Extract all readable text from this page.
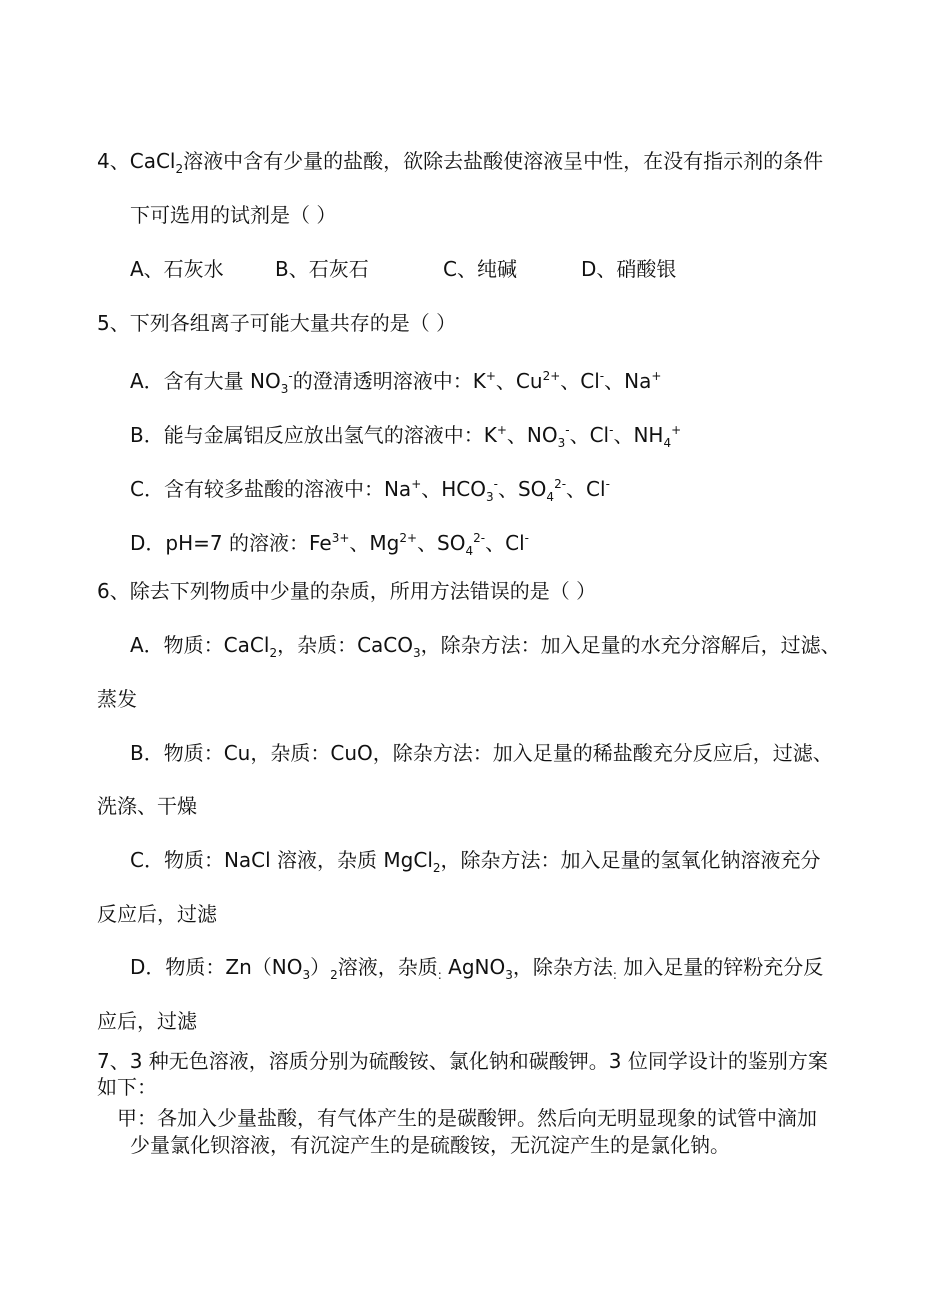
4、CaCl$_2$溶液中含有少量的盐酸，欲除去盐酸使溶液呈中性，在没有指示剂的条件
下可选用的试剂是（ ）
A、石灰水	B、石灰石	C、纯碱	D、硝酸银
5、下列各组离子可能大量共存的是（ ）
A．含有大量 $NO_3^-$的澄清透明溶液中：K+、$Cu^{2+}$、Cl-、Na+
B．能与金属铝反应放出氢气的溶液中：K+、$NO_3^-$、Cl-、$NH_4^+$
C．含有较多盐酸的溶液中：Na+、$HCO_3^-$、$SO_4^{2-}$、Cl-
D．pH=7 的溶液：$Fe^{3+}$、$Mg^{2+}$、$SO_4^{2-}$、Cl-
6、除去下列物质中少量的杂质，所用方法错误的是（ ）
A．物质：CaCl$_2$，杂质：CaCO$_3$，除杂方法：加入足量的水充分溶解后，过滤、
蒸发
B．物质：Cu，杂质：CuO，除杂方法：加入足量的稀盐酸充分反应后，过滤、
洗涤、干燥
C．物质：NaCl 溶液，杂质 MgCl$_2$，除杂方法：加入足量的氢氧化钠溶液充分
反应后，过滤
D．物质：$Zn(NO_3)_2$溶液，杂质$_:$ AgNO$_3$，除杂方法$_:$ 加入足量的锌粉充分反
应后，过滤
7、3 种无色溶液，溶质分别为硫酸铵、氯化钠和碳酸钾。3 位同学设计的鉴别方案
如下：
甲：各加入少量盐酸，有气体产生的是碳酸钾。然后向无明显现象的试管中滴加
少量氯化钡溶液，有沉淀产生的是硫酸铵，无沉淀产生的是氯化钠。
